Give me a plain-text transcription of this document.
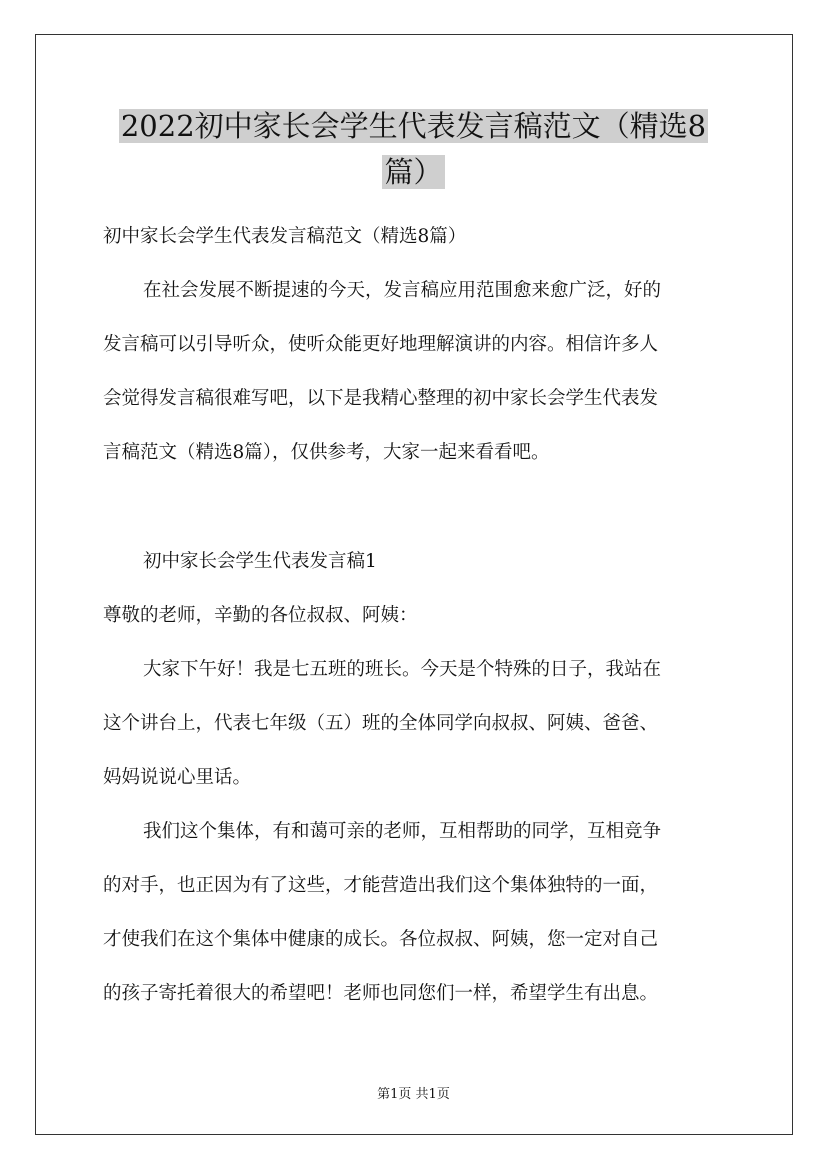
2022初中家长会学生代表发言稿范文（精选8
篇）
初中家长会学生代表发言稿范文（精选8篇）
在社会发展不断提速的今天，发言稿应用范围愈来愈广泛，好的
发言稿可以引导听众，使听众能更好地理解演讲的内容。相信许多人
会觉得发言稿很难写吧，以下是我精心整理的初中家长会学生代表发
言稿范文（精选8篇），仅供参考，大家一起来看看吧。
初中家长会学生代表发言稿1
尊敬的老师，辛勤的各位叔叔、阿姨：
大家下午好！我是七五班的班长。今天是个特殊的日子，我站在
这个讲台上，代表七年级（五）班的全体同学向叔叔、阿姨、爸爸、
妈妈说说心里话。
我们这个集体，有和蔼可亲的老师，互相帮助的同学，互相竞争
的对手，也正因为有了这些，才能营造出我们这个集体独特的一面，
才使我们在这个集体中健康的成长。各位叔叔、阿姨，您一定对自己
的孩子寄托着很大的希望吧！老师也同您们一样，希望学生有出息。
第1页 共1页
